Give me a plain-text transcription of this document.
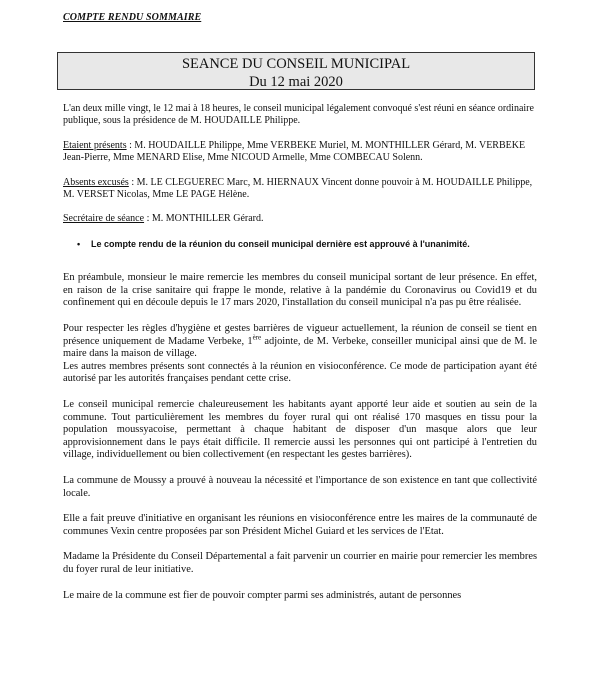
COMPTE RENDU SOMMAIRE
SEANCE DU CONSEIL MUNICIPAL
Du 12 mai 2020

L'an deux mille vingt, le 12 mai à 18 heures, le conseil municipal légalement convoqué s'est réuni en séance ordinaire publique, sous la présidence de M. HOUDAILLE Philippe.

Etaient présents : M. HOUDAILLE Philippe, Mme VERBEKE Muriel, M. MONTHILLER Gérard, M. VERBEKE Jean-Pierre, Mme MENARD Elise, Mme NICOUD Armelle, Mme COMBECAU Solenn.

Absents excusés : M. LE CLEGUEREC Marc, M. HIERNAUX Vincent donne pouvoir à M. HOUDAILLE Philippe, M. VERSET Nicolas, Mme LE PAGE Hélène.

Secrétaire de séance : M. MONTHILLER Gérard.

• Le compte rendu de la réunion du conseil municipal dernière est approuvé à l'unanimité.

En préambule, monsieur le maire remercie les membres du conseil municipal sortant de leur présence. En effet, en raison de la crise sanitaire qui frappe le monde, relative à la pandémie du Coronavirus ou Covid19 et du confinement qui en découle depuis le 17 mars 2020, l'installation du conseil municipal n'a pas pu être réalisée.

Pour respecter les règles d'hygiène et gestes barrières de vigueur actuellement, la réunion de conseil se tient en présence uniquement de Madame Verbeke, 1ère adjointe, de M. Verbeke, conseiller municipal ainsi que de M. le maire dans la maison de village.

Les autres membres présents sont connectés à la réunion en visioconférence. Ce mode de participation ayant été autorisé par les autorités françaises pendant cette crise.

Le conseil municipal remercie chaleureusement les habitants ayant apporté leur aide et soutien au sein de la commune. Tout particulièrement les membres du foyer rural qui ont réalisé 170 masques en tissu pour la population moussyacoise, permettant à chaque habitant de disposer d'un masque alors que leur approvisionnement dans le pays était difficile. Il remercie aussi les personnes qui ont participé à l'entretien du village, individuellement ou bien collectivement (en respectant les gestes barrières).

La commune de Moussy a prouvé à nouveau la nécessité et l'importance de son existence en tant que collectivité locale.

Elle a fait preuve d'initiative en organisant les réunions en visioconférence entre les maires de la communauté de communes Vexin centre proposées par son Président Michel Guiard et les services de l'Etat.

Madame la Présidente du Conseil Départemental a fait parvenir un courrier en mairie pour remercier les membres du foyer rural de leur initiative.

Le maire de la commune est fier de pouvoir compter parmi ses administrés, autant de personnes
